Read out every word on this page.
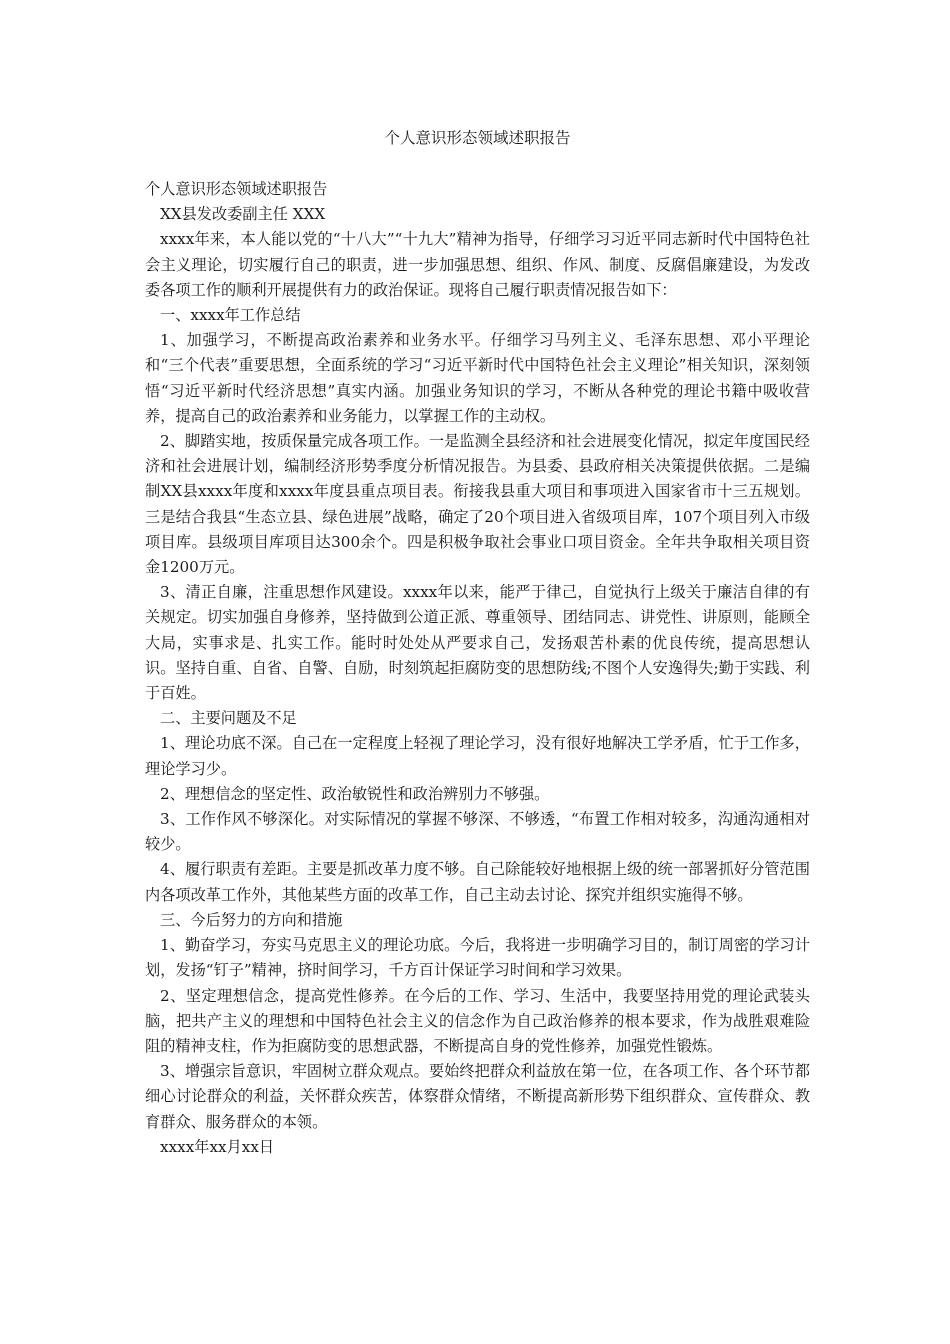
个人意识形态领域述职报告

个人意识形态领域述职报告

XX县发改委副主任 XXX

xxxx年来，本人能以党的“十八大”“十九大”精神为指导，仔细学习习近平同志新时代中国特色社会主义理论，切实履行自己的职责，进一步加强思想、组织、作风、制度、反腐倡廉建设，为发改委各项工作的顺利开展提供有力的政治保证。现将自己履行职责情况报告如下：

一、xxxx年工作总结

1、加强学习，不断提高政治素养和业务水平。仔细学习马列主义、毛泽东思想、邓小平理论和“三个代表”重要思想，全面系统的学习“习近平新时代中国特色社会主义理论”相关知识，深刻领悟“习近平新时代经济思想”真实内涵。加强业务知识的学习，不断从各种党的理论书籍中吸收营养，提高自己的政治素养和业务能力，以掌握工作的主动权。

2、脚踏实地，按质保量完成各项工作。一是监测全县经济和社会进展变化情况，拟定年度国民经济和社会进展计划，编制经济形势季度分析情况报告。为县委、县政府相关决策提供依据。二是编制XX县xxxx年度和xxxx年度县重点项目表。衔接我县重大项目和事项进入国家省市十三五规划。三是结合我县“生态立县、绿色进展”战略，确定了20个项目进入省级项目库，107个项目列入市级项目库。县级项目库项目达300余个。四是积极争取社会事业口项目资金。全年共争取相关项目资金1200万元。

3、清正自廉，注重思想作风建设。xxxx年以来，能严于律己，自觉执行上级关于廉洁自律的有关规定。切实加强自身修养，坚持做到公道正派、尊重领导、团结同志、讲党性、讲原则，能顾全大局，实事求是、扎实工作。能时时处处从严要求自己，发扬艰苦朴素的优良传统，提高思想认识。坚持自重、自省、自警、自励，时刻筑起拒腐防变的思想防线;不图个人安逸得失;勤于实践、利于百姓。

二、主要问题及不足

1、理论功底不深。自己在一定程度上轻视了理论学习，没有很好地解决工学矛盾，忙于工作多，理论学习少。

2、理想信念的坚定性、政治敏锐性和政治辨别力不够强。

3、工作作风不够深化。对实际情况的掌握不够深、不够透，“布置工作相对较多，沟通沟通相对较少。

4、履行职责有差距。主要是抓改革力度不够。自己除能较好地根据上级的统一部署抓好分管范围内各项改革工作外，其他某些方面的改革工作，自己主动去讨论、探究并组织实施得不够。

三、今后努力的方向和措施

1、勤奋学习，夯实马克思主义的理论功底。今后，我将进一步明确学习目的，制订周密的学习计划，发扬“钉子”精神，挤时间学习，千方百计保证学习时间和学习效果。

2、坚定理想信念，提高党性修养。在今后的工作、学习、生活中，我要坚持用党的理论武装头脑，把共产主义的理想和中国特色社会主义的信念作为自己政治修养的根本要求，作为战胜艰难险阻的精神支柱，作为拒腐防变的思想武器，不断提高自身的党性修养，加强党性锻炼。

3、增强宗旨意识，牢固树立群众观点。要始终把群众利益放在第一位，在各项工作、各个环节都细心讨论群众的利益，关怀群众疾苦，体察群众情绪，不断提高新形势下组织群众、宣传群众、教育群众、服务群众的本领。

xxxx年xx月xx日
